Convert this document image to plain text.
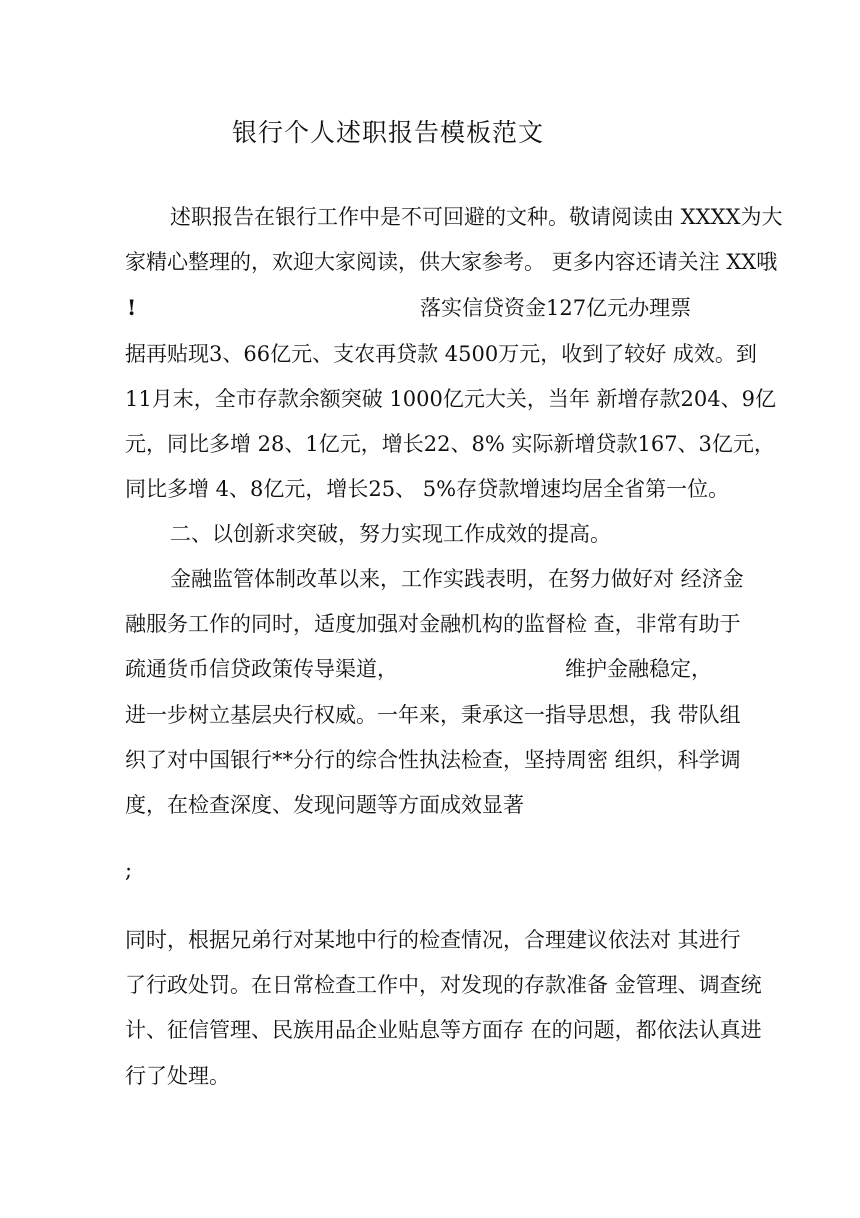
银行个人述职报告模板范文
述职报告在银行工作中是不可回避的文种。敬请阅读由 XXXX为大
家精心整理的，欢迎大家阅读，供大家参考。 更多内容还请关注 XX哦
!	落实信贷资金127亿元办理票
据再贴现3、66亿元、支农再贷款 4500万元，收到了较好 成效。到
11月末，全市存款余额突破 1000亿元大关，当年 新增存款204、9亿
元，同比多增 28、1亿元，增长22、8% 实际新增贷款167、3亿元，
同比多增 4、8亿元，增长25、 5%存贷款增速均居全省第一位。
二、以创新求突破，努力实现工作成效的提高。
金融监管体制改革以来，工作实践表明，在努力做好对 经济金
融服务工作的同时，适度加强对金融机构的监督检 查，非常有助于
疏通货币信贷政策传导渠道，	维护金融稳定，
进一步树立基层央行权威。一年来，秉承这一指导思想，我 带队组
织了对中国银行**分行的综合性执法检查，坚持周密 组织，科学调
度，在检查深度、发现问题等方面成效显著
;
同时，根据兄弟行对某地中行的检查情况，合理建议依法对 其进行
了行政处罚。在日常检查工作中，对发现的存款准备 金管理、调查统
计、征信管理、民族用品企业贴息等方面存 在的问题，都依法认真进
行了处理。
